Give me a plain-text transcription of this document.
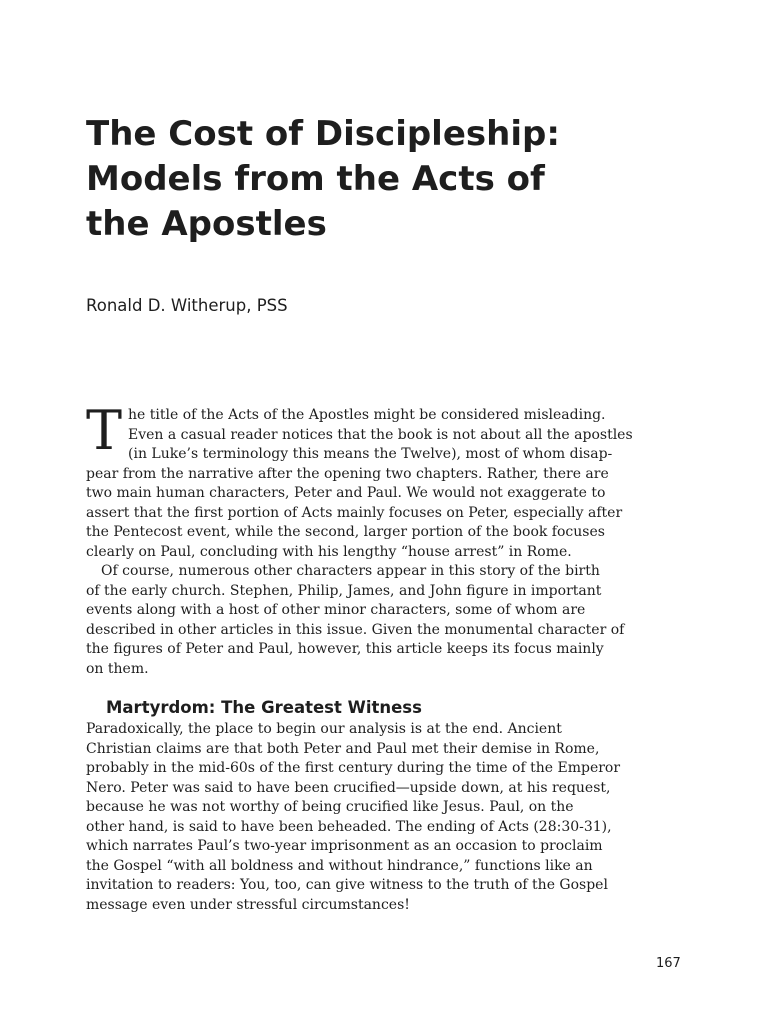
The Cost of Discipleship:
Models from the Acts of
the Apostles

Ronald D. Witherup, PSS

T he title of the Acts of the Apostles might be considered misleading.
Even a casual reader notices that the book is not about all the apostles
(in Luke’s terminology this means the Twelve), most of whom disap-
pear from the narrative after the opening two chapters. Rather, there are
two main human characters, Peter and Paul. We would not exaggerate to
assert that the first portion of Acts mainly focuses on Peter, especially after
the Pentecost event, while the second, larger portion of the book focuses
clearly on Paul, concluding with his lengthy “house arrest” in Rome.
Of course, numerous other characters appear in this story of the birth
of the early church. Stephen, Philip, James, and John figure in important
events along with a host of other minor characters, some of whom are
described in other articles in this issue. Given the monumental character of
the figures of Peter and Paul, however, this article keeps its focus mainly
on them.
Martyrdom: The Greatest Witness
Paradoxically, the place to begin our analysis is at the end. Ancient
Christian claims are that both Peter and Paul met their demise in Rome,
probably in the mid-60s of the first century during the time of the Emperor
Nero. Peter was said to have been crucified—upside down, at his request,
because he was not worthy of being crucified like Jesus. Paul, on the
other hand, is said to have been beheaded. The ending of Acts (28:30-31),
which narrates Paul’s two-year imprisonment as an occasion to proclaim
the Gospel “with all boldness and without hindrance,” functions like an
invitation to readers: You, too, can give witness to the truth of the Gospel
message even under stressful circumstances!
167
